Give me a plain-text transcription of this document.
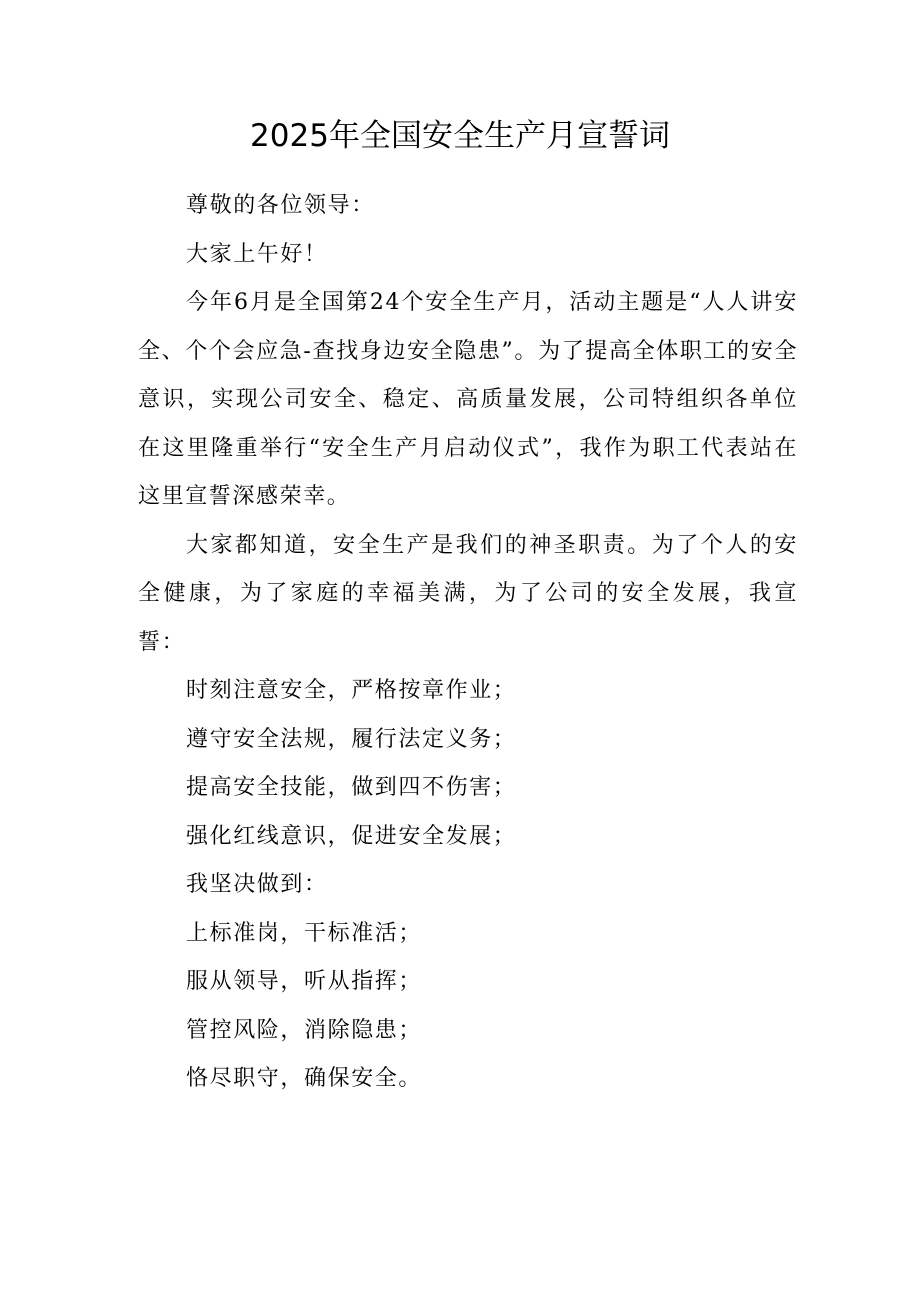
2025年全国安全生产月宣誓词

尊敬的各位领导：

大家上午好！

今年6月是全国第24个安全生产月，活动主题是“人人讲安全、个个会应急-查找身边安全隐患”。为了提高全体职工的安全意识，实现公司安全、稳定、高质量发展，公司特组织各单位在这里隆重举行“安全生产月启动仪式”，我作为职工代表站在这里宣誓深感荣幸。

大家都知道，安全生产是我们的神圣职责。为了个人的安全健康，为了家庭的幸福美满，为了公司的安全发展，我宣誓：

时刻注意安全，严格按章作业；

遵守安全法规，履行法定义务；

提高安全技能，做到四不伤害；

强化红线意识，促进安全发展；

我坚决做到：

上标准岗，干标准活；

服从领导，听从指挥；

管控风险，消除隐患；

恪尽职守，确保安全。
